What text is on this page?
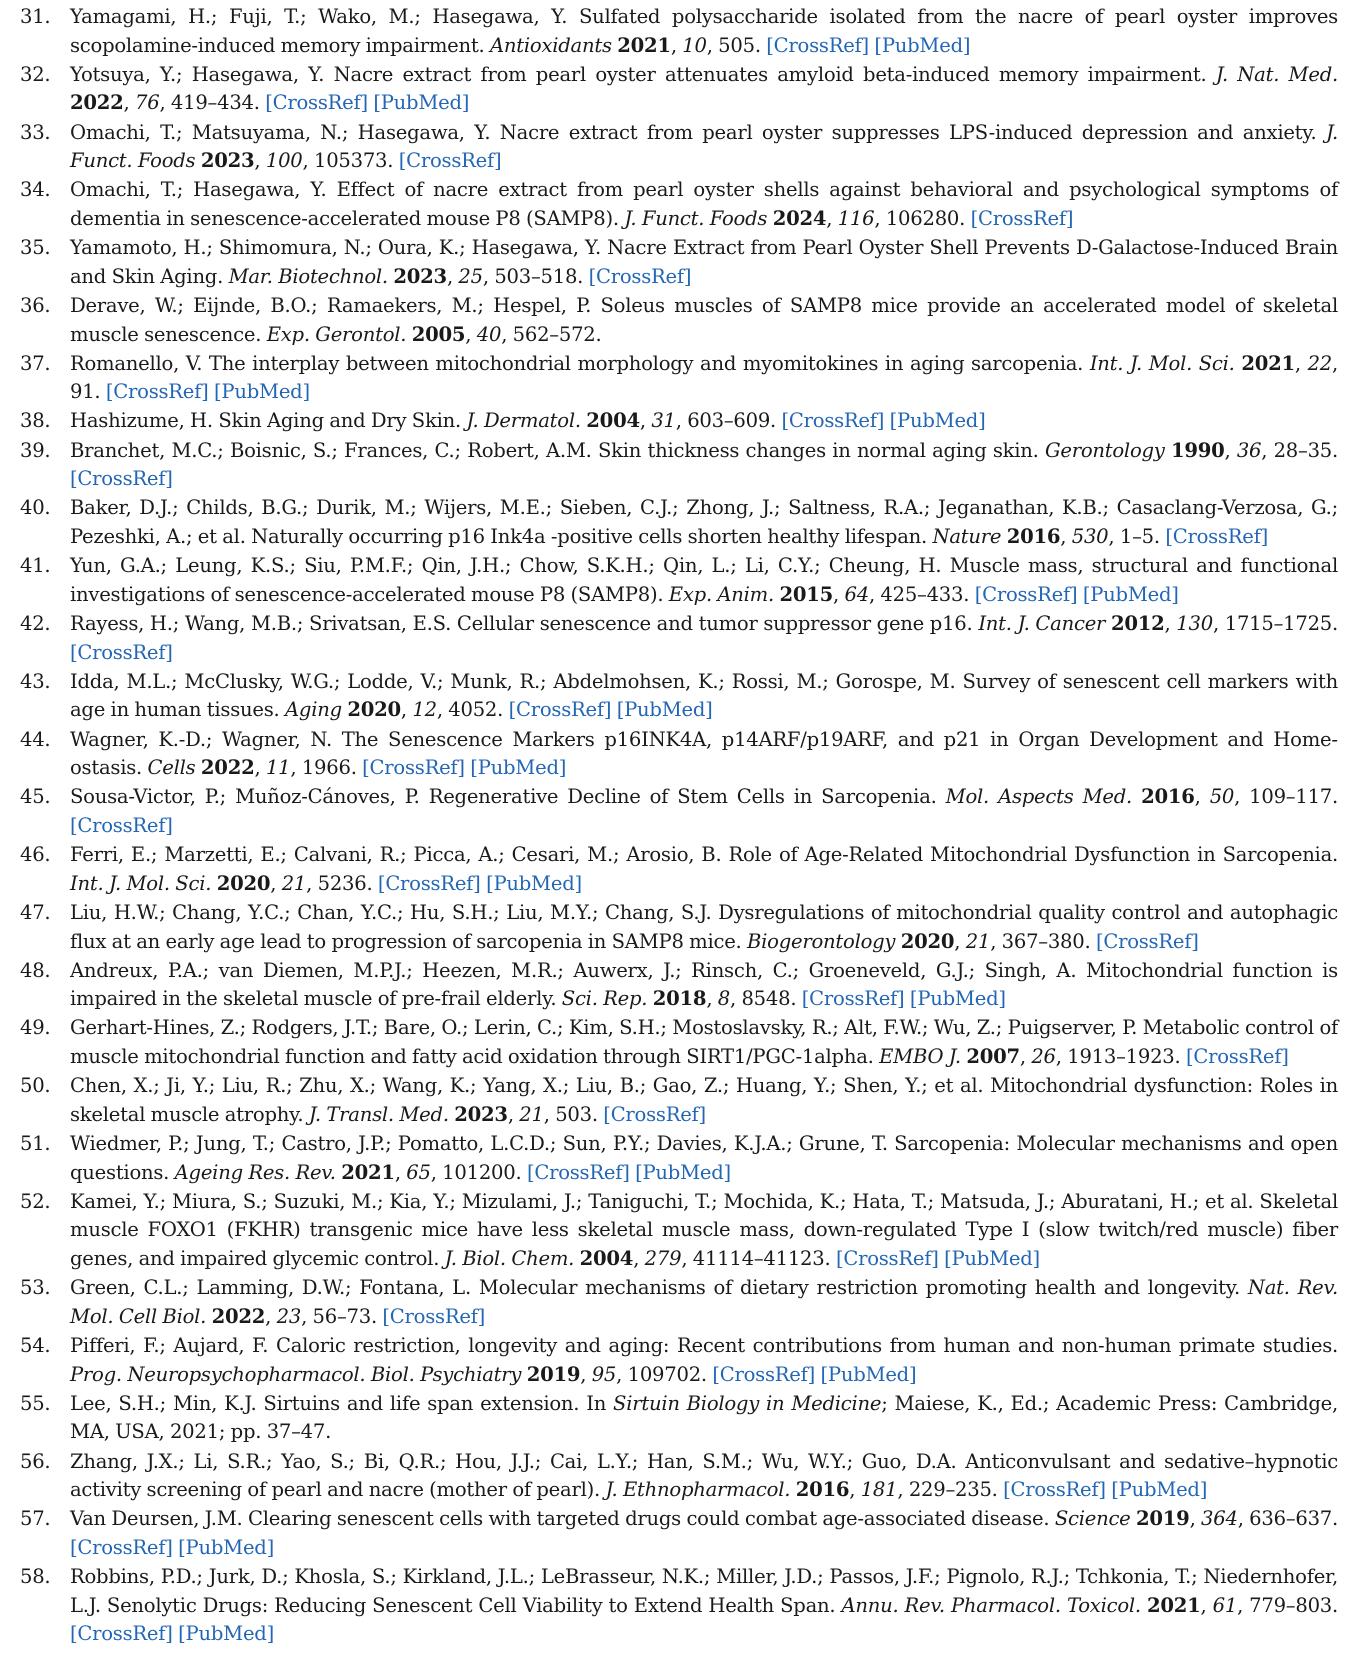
31. Yamagami, H.; Fuji, T.; Wako, M.; Hasegawa, Y. Sulfated polysaccharide isolated from the nacre of pearl oyster improves scopolamine-induced memory impairment. Antioxidants 2021, 10, 505. [CrossRef] [PubMed]
32. Yotsuya, Y.; Hasegawa, Y. Nacre extract from pearl oyster attenuates amyloid beta-induced memory impairment. J. Nat. Med. 2022, 76, 419–434. [CrossRef] [PubMed]
33. Omachi, T.; Matsuyama, N.; Hasegawa, Y. Nacre extract from pearl oyster suppresses LPS-induced depression and anxiety. J. Funct. Foods 2023, 100, 105373. [CrossRef]
34. Omachi, T.; Hasegawa, Y. Effect of nacre extract from pearl oyster shells against behavioral and psychological symptoms of dementia in senescence-accelerated mouse P8 (SAMP8). J. Funct. Foods 2024, 116, 106280. [CrossRef]
35. Yamamoto, H.; Shimomura, N.; Oura, K.; Hasegawa, Y. Nacre Extract from Pearl Oyster Shell Prevents D-Galactose-Induced Brain and Skin Aging. Mar. Biotechnol. 2023, 25, 503–518. [CrossRef]
36. Derave, W.; Eijnde, B.O.; Ramaekers, M.; Hespel, P. Soleus muscles of SAMP8 mice provide an accelerated model of skeletal muscle senescence. Exp. Gerontol. 2005, 40, 562–572.
37. Romanello, V. The interplay between mitochondrial morphology and myomitokines in aging sarcopenia. Int. J. Mol. Sci. 2021, 22, 91. [CrossRef] [PubMed]
38. Hashizume, H. Skin Aging and Dry Skin. J. Dermatol. 2004, 31, 603–609. [CrossRef] [PubMed]
39. Branchet, M.C.; Boisnic, S.; Frances, C.; Robert, A.M. Skin thickness changes in normal aging skin. Gerontology 1990, 36, 28–35. [CrossRef]
40. Baker, D.J.; Childs, B.G.; Durik, M.; Wijers, M.E.; Sieben, C.J.; Zhong, J.; Saltness, R.A.; Jeganathan, K.B.; Casaclang-Verzosa, G.; Pezeshki, A.; et al. Naturally occurring p16 Ink4a -positive cells shorten healthy lifespan. Nature 2016, 530, 1–5. [CrossRef]
41. Yun, G.A.; Leung, K.S.; Siu, P.M.F.; Qin, J.H.; Chow, S.K.H.; Qin, L.; Li, C.Y.; Cheung, H. Muscle mass, structural and functional investigations of senescence-accelerated mouse P8 (SAMP8). Exp. Anim. 2015, 64, 425–433. [CrossRef] [PubMed]
42. Rayess, H.; Wang, M.B.; Srivatsan, E.S. Cellular senescence and tumor suppressor gene p16. Int. J. Cancer 2012, 130, 1715–1725. [CrossRef]
43. Idda, M.L.; McClusky, W.G.; Lodde, V.; Munk, R.; Abdelmohsen, K.; Rossi, M.; Gorospe, M. Survey of senescent cell markers with age in human tissues. Aging 2020, 12, 4052. [CrossRef] [PubMed]
44. Wagner, K.-D.; Wagner, N. The Senescence Markers p16INK4A, p14ARF/p19ARF, and p21 in Organ Development and Homeostasis. Cells 2022, 11, 1966. [CrossRef] [PubMed]
45. Sousa-Victor, P.; Muñoz-Cánoves, P. Regenerative Decline of Stem Cells in Sarcopenia. Mol. Aspects Med. 2016, 50, 109–117. [CrossRef]
46. Ferri, E.; Marzetti, E.; Calvani, R.; Picca, A.; Cesari, M.; Arosio, B. Role of Age-Related Mitochondrial Dysfunction in Sarcopenia. Int. J. Mol. Sci. 2020, 21, 5236. [CrossRef] [PubMed]
47. Liu, H.W.; Chang, Y.C.; Chan, Y.C.; Hu, S.H.; Liu, M.Y.; Chang, S.J. Dysregulations of mitochondrial quality control and autophagic flux at an early age lead to progression of sarcopenia in SAMP8 mice. Biogerontology 2020, 21, 367–380. [CrossRef]
48. Andreux, P.A.; van Diemen, M.P.J.; Heezen, M.R.; Auwerx, J.; Rinsch, C.; Groeneveld, G.J.; Singh, A. Mitochondrial function is impaired in the skeletal muscle of pre-frail elderly. Sci. Rep. 2018, 8, 8548. [CrossRef] [PubMed]
49. Gerhart-Hines, Z.; Rodgers, J.T.; Bare, O.; Lerin, C.; Kim, S.H.; Mostoslavsky, R.; Alt, F.W.; Wu, Z.; Puigserver, P. Metabolic control of muscle mitochondrial function and fatty acid oxidation through SIRT1/PGC-1alpha. EMBO J. 2007, 26, 1913–1923. [CrossRef]
50. Chen, X.; Ji, Y.; Liu, R.; Zhu, X.; Wang, K.; Yang, X.; Liu, B.; Gao, Z.; Huang, Y.; Shen, Y.; et al. Mitochondrial dysfunction: Roles in skeletal muscle atrophy. J. Transl. Med. 2023, 21, 503. [CrossRef]
51. Wiedmer, P.; Jung, T.; Castro, J.P.; Pomatto, L.C.D.; Sun, P.Y.; Davies, K.J.A.; Grune, T. Sarcopenia: Molecular mechanisms and open questions. Ageing Res. Rev. 2021, 65, 101200. [CrossRef] [PubMed]
52. Kamei, Y.; Miura, S.; Suzuki, M.; Kia, Y.; Mizulami, J.; Taniguchi, T.; Mochida, K.; Hata, T.; Matsuda, J.; Aburatani, H.; et al. Skeletal muscle FOXO1 (FKHR) transgenic mice have less skeletal muscle mass, down-regulated Type I (slow twitch/red muscle) fiber genes, and impaired glycemic control. J. Biol. Chem. 2004, 279, 41114–41123. [CrossRef] [PubMed]
53. Green, C.L.; Lamming, D.W.; Fontana, L. Molecular mechanisms of dietary restriction promoting health and longevity. Nat. Rev. Mol. Cell Biol. 2022, 23, 56–73. [CrossRef]
54. Pifferi, F.; Aujard, F. Caloric restriction, longevity and aging: Recent contributions from human and non-human primate studies. Prog. Neuropsychopharmacol. Biol. Psychiatry 2019, 95, 109702. [CrossRef] [PubMed]
55. Lee, S.H.; Min, K.J. Sirtuins and life span extension. In Sirtuin Biology in Medicine; Maiese, K., Ed.; Academic Press: Cambridge, MA, USA, 2021; pp. 37–47.
56. Zhang, J.X.; Li, S.R.; Yao, S.; Bi, Q.R.; Hou, J.J.; Cai, L.Y.; Han, S.M.; Wu, W.Y.; Guo, D.A. Anticonvulsant and sedative–hypnotic activity screening of pearl and nacre (mother of pearl). J. Ethnopharmacol. 2016, 181, 229–235. [CrossRef] [PubMed]
57. Van Deursen, J.M. Clearing senescent cells with targeted drugs could combat age-associated disease. Science 2019, 364, 636–637. [CrossRef] [PubMed]
58. Robbins, P.D.; Jurk, D.; Khosla, S.; Kirkland, J.L.; LeBrasseur, N.K.; Miller, J.D.; Passos, J.F.; Pignolo, R.J.; Tchkonia, T.; Niedernhofer, L.J. Senolytic Drugs: Reducing Senescent Cell Viability to Extend Health Span. Annu. Rev. Pharmacol. Toxicol. 2021, 61, 779–803. [CrossRef] [PubMed]
